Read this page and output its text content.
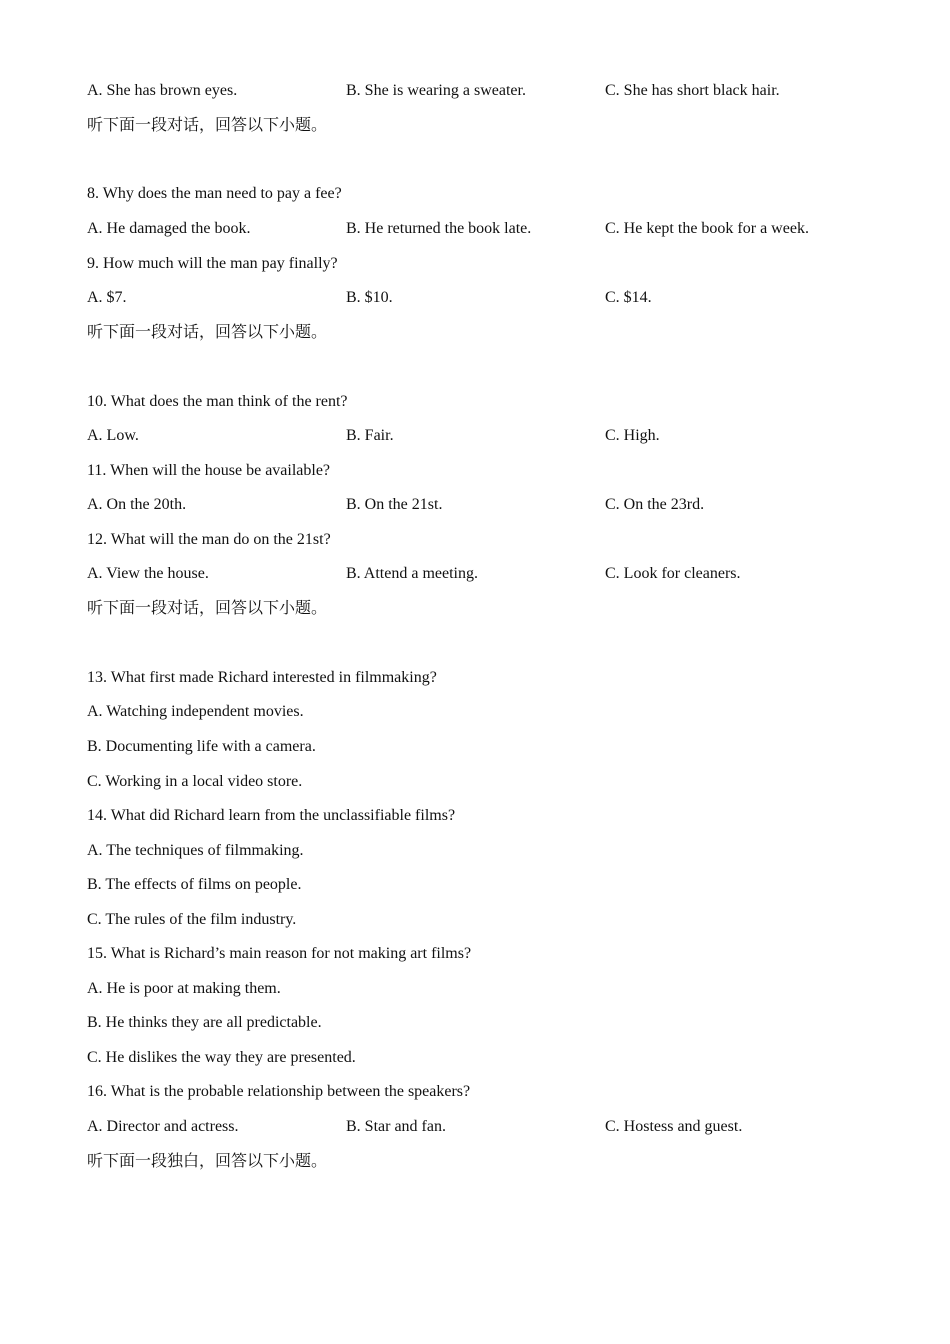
A. She has brown eyes.	B. She is wearing a sweater.	C. She has short black hair.
听下面一段对话，回答以下小题。
8. Why does the man need to pay a fee?
A. He damaged the book.	B. He returned the book late.	C. He kept the book for a week.
9. How much will the man pay finally?
A. $7.	B. $10.	C. $14.
听下面一段对话，回答以下小题。
10. What does the man think of the rent?
A. Low.	B. Fair.	C. High.
11. When will the house be available?
A. On the 20th.	B. On the 21st.	C. On the 23rd.
12. What will the man do on the 21st?
A. View the house.	B. Attend a meeting.	C. Look for cleaners.
听下面一段对话，回答以下小题。
13. What first made Richard interested in filmmaking?
A. Watching independent movies.
B. Documenting life with a camera.
C. Working in a local video store.
14. What did Richard learn from the unclassifiable films?
A. The techniques of filmmaking.
B. The effects of films on people.
C. The rules of the film industry.
15. What is Richard’s main reason for not making art films?
A. He is poor at making them.
B. He thinks they are all predictable.
C. He dislikes the way they are presented.
16. What is the probable relationship between the speakers?
A. Director and actress.	B. Star and fan.	C. Hostess and guest.
听下面一段独白，回答以下小题。
